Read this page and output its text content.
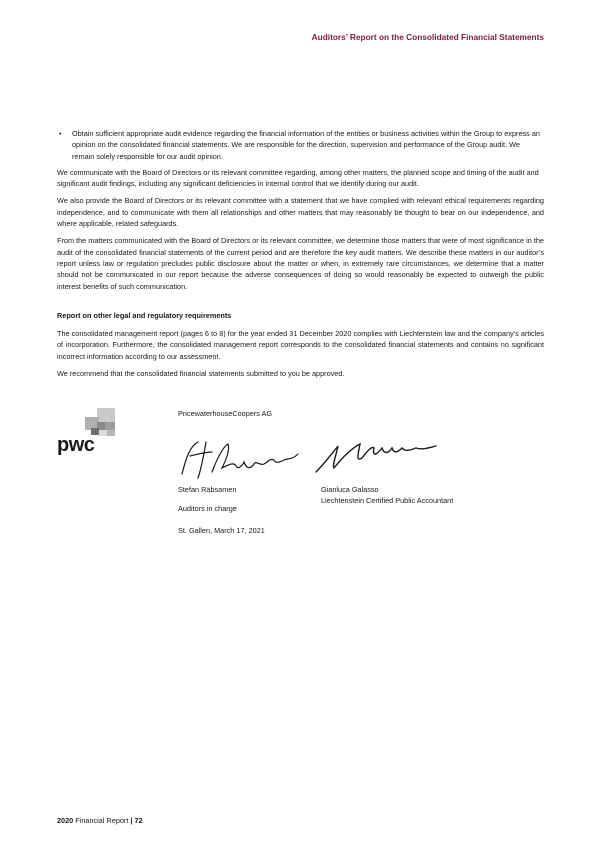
Auditors’ Report on the Consolidated Financial Statements
• Obtain sufficient appropriate audit evidence regarding the financial information of the entities or business activities within the Group to express an opinion on the consolidated financial statements. We are responsible for the direction, supervision and performance of the Group audit. We remain solely responsible for our audit opinion.

We communicate with the Board of Directors or its relevant committee regarding, among other matters, the planned scope and timing of the audit and significant audit findings, including any significant deficiencies in internal control that we identify during our audit.

We also provide the Board of Directors or its relevant committee with a statement that we have complied with relevant ethical requirements regarding independence, and to communicate with them all relationships and other matters that may reasonably be thought to bear on our independence, and where applicable, related safeguards.

From the matters communicated with the Board of Directors or its relevant committee, we determine those matters that were of most significance in the audit of the consolidated financial statements of the current period and are therefore the key audit matters. We describe these matters in our auditor’s report unless law or regulation precludes public disclosure about the matter or when, in extremely rare circumstances, we determine that a matter should not be communicated in our report because the adverse consequences of doing so would reasonably be expected to outweigh the public interest benefits of such communication.

Report on other legal and regulatory requirements

The consolidated management report (pages 6 to 8) for the year ended 31 December 2020 complies with Liechtenstein law and the company’s articles of incorporation. Furthermore, the consolidated management report corresponds to the consolidated financial statements and contains no significant incorrect information according to our assessment.

We recommend that the consolidated financial statements submitted to you be approved.

pwc
PricewaterhouseCoopers AG
Stefan Räbsamen
Auditors in charge
Gianluca Galasso
Liechtenstein Certified Public Accountant
St. Gallen, March 17, 2021
2020 Financial Report | 72
